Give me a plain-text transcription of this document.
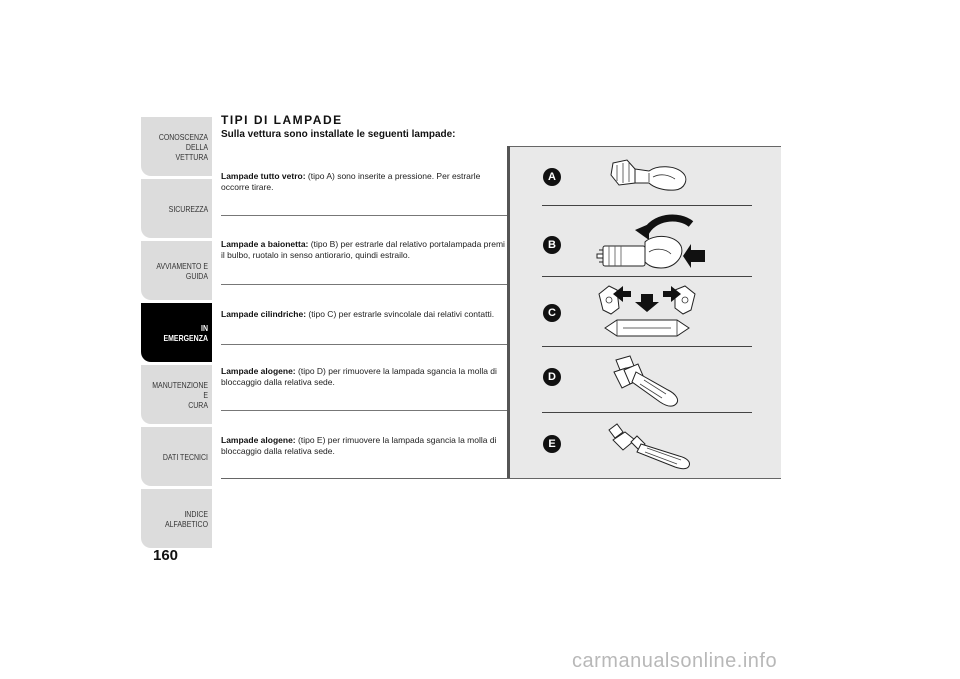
CONOSCENZA
DELLA VETTURA
SICUREZZA
AVVIAMENTO E
GUIDA
IN EMERGENZA
MANUTENZIONE E
CURA
DATI TECNICI
INDICE ALFABETICO
160
TIPI DI LAMPADE
Sulla vettura sono installate le seguenti lampade:
Lampade tutto vetro: (tipo A) sono inserite a pressione. Per estrarle occorre tirare.
Lampade a baionetta: (tipo B) per estrarle dal relativo portalampada premi il bulbo, ruotalo in senso antiorario, quindi estrailo.
Lampade cilindriche: (tipo C) per estrarle svincolale dai relativi contatti.
Lampade alogene: (tipo D) per rimuovere la lampada sgancia la molla di bloccaggio dalla relativa sede.
Lampade alogene: (tipo E) per rimuovere la lampada sgancia la molla di bloccaggio dalla relativa sede.
A
B
C
D
E
carmanualsonline.info
